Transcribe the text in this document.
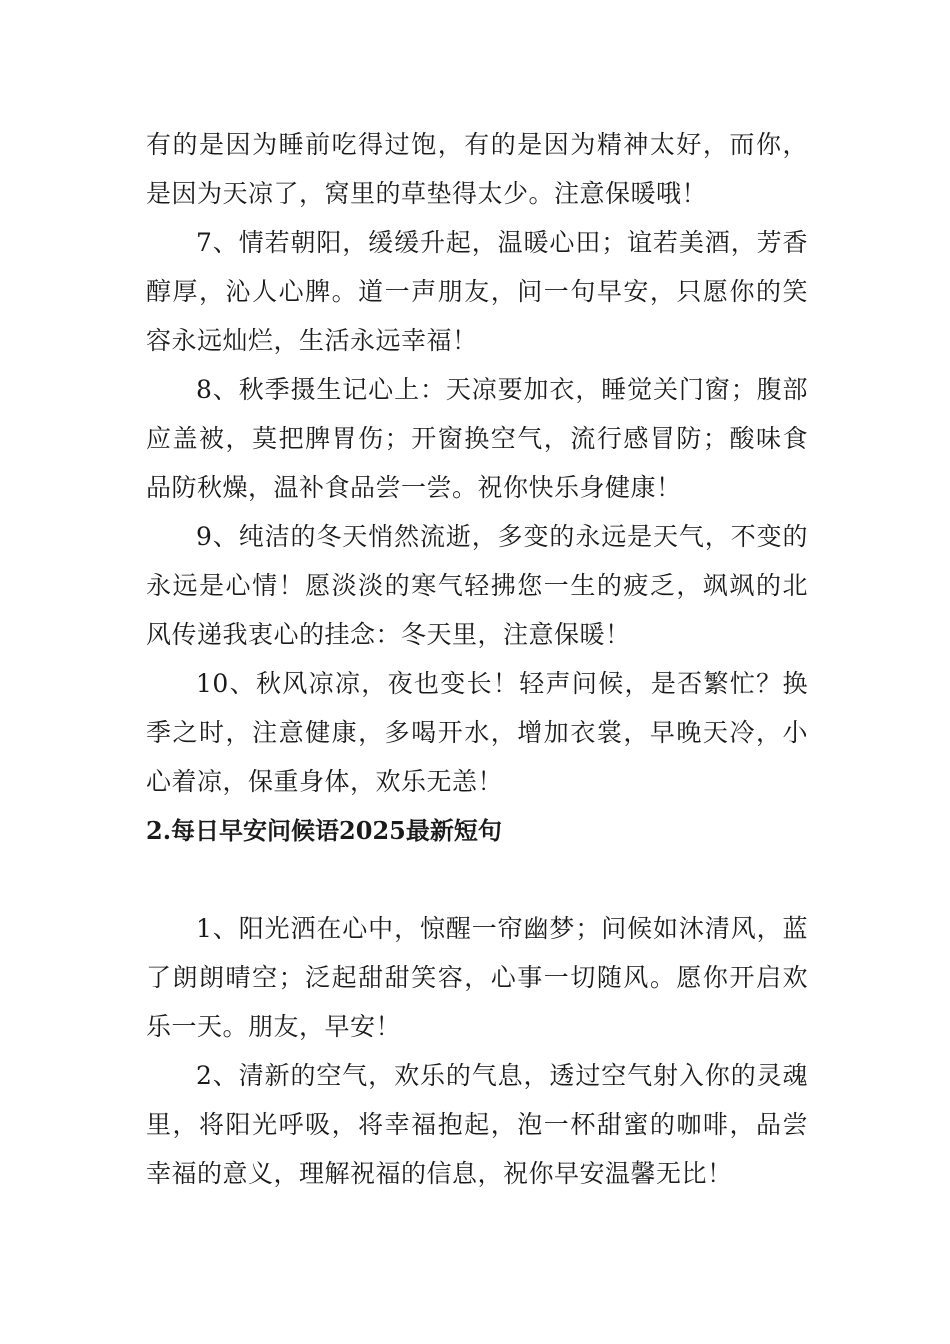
有的是因为睡前吃得过饱，有的是因为精神太好，而你，是因为天凉了，窝里的草垫得太少。注意保暖哦！

7、情若朝阳，缓缓升起，温暖心田；谊若美酒，芳香醇厚，沁人心脾。道一声朋友，问一句早安，只愿你的笑容永远灿烂，生活永远幸福！

8、秋季摄生记心上：天凉要加衣，睡觉关门窗；腹部应盖被，莫把脾胃伤；开窗换空气，流行感冒防；酸味食品防秋燥，温补食品尝一尝。祝你快乐身健康！

9、纯洁的冬天悄然流逝，多变的永远是天气，不变的永远是心情！愿淡淡的寒气轻拂您一生的疲乏，飒飒的北风传递我衷心的挂念：冬天里，注意保暖！

10、秋风凉凉，夜也变长！轻声问候，是否繁忙？换季之时，注意健康，多喝开水，增加衣裳，早晚天冷，小心着凉，保重身体，欢乐无恙！

2.每日早安问候语2025最新短句

1、阳光洒在心中，惊醒一帘幽梦；问候如沐清风，蓝了朗朗晴空；泛起甜甜笑容，心事一切随风。愿你开启欢乐一天。朋友，早安！

2、清新的空气，欢乐的气息，透过空气射入你的灵魂里，将阳光呼吸，将幸福抱起，泡一杯甜蜜的咖啡，品尝幸福的意义，理解祝福的信息，祝你早安温馨无比！
